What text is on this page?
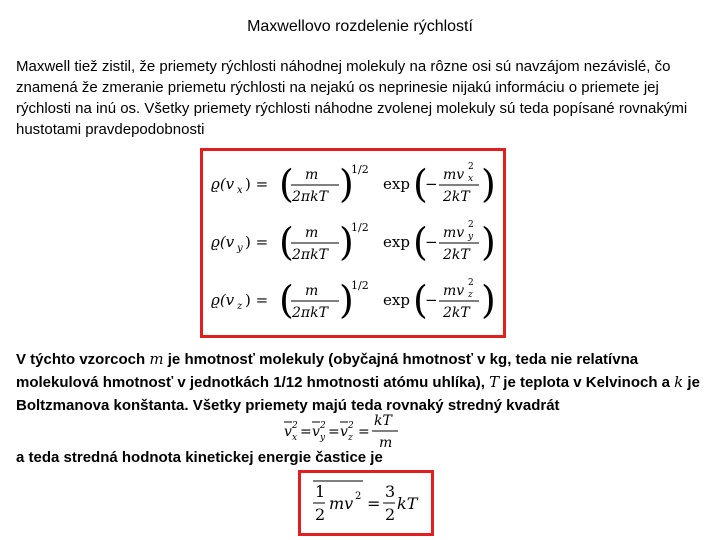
Maxwellovo rozdelenie rýchlostí
Maxwell tiež zistil, že priemety rýchlosti náhodnej molekuly na rôzne osi sú navzájom nezávislé, čo znamená že zmeranie priemetu rýchlosti na nejakú os neprinesie nijakú informáciu o priemete jej rýchlosti na inú os. Všetky priemety rýchlosti náhodne zvolenej molekuly sú teda popísané rovnakými hustotami pravdepodobnosti
ϱ(v x ) = ( m
2πkT )
1/2
exp (
− mv 2
x
2kT )
ϱ(v y ) = ( m
2πkT )
1/2
exp (
− mv 2
y
2kT )
ϱ(v z ) = ( m
2πkT )
1/2
exp (
− mv 2
z
2kT )
V týchto vzorcoch m je hmotnosť molekuly (obyčajná hmotnosť v kg, teda nie relatívna molekulová hmotnosť v jednotkách 1/12 hmotnosti atómu uhlíka), T je teplota v Kelvinoch a k je Boltzmanova konštanta. Všetky priemety majú teda rovnaký stredný kvadrát
v 2
x = v 2
y = v 2
z =
kT
m
a teda stredná hodnota kinetickej energie častice je
1
2
mv 2 =
3
2
kT
